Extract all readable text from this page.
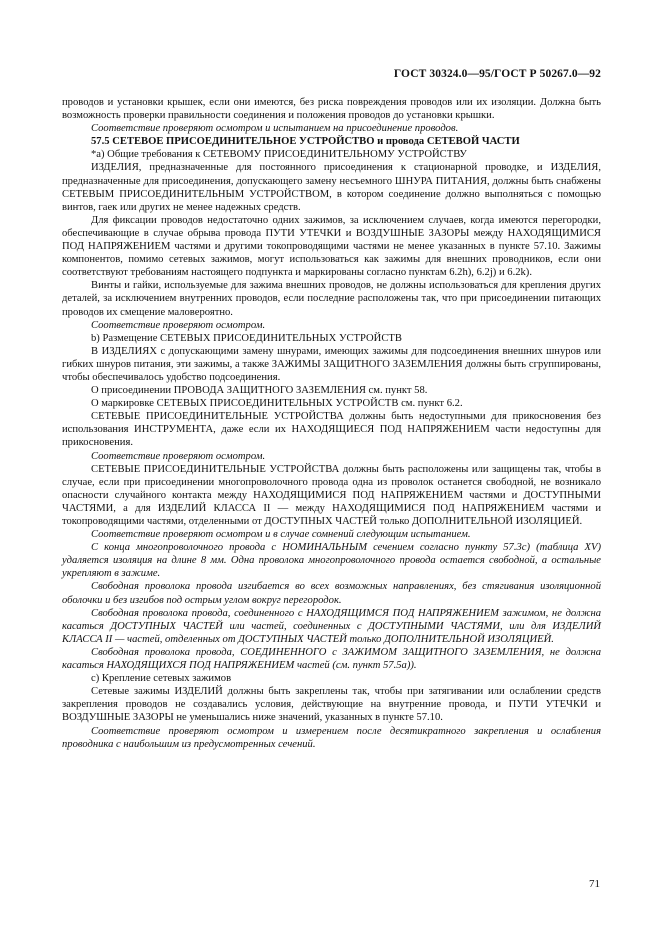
ГОСТ 30324.0—95/ГОСТ Р 50267.0—92

проводов и установки крышек, если они имеются, без риска повреждения проводов или их изоляции. Должна быть возможность проверки правильности соединения и положения проводов до установки крышки.

Соответствие проверяют осмотром и испытанием на присоединение проводов.

57.5 СЕТЕВОЕ ПРИСОЕДИНИТЕЛЬНОЕ УСТРОЙСТВО и провода СЕТЕВОЙ ЧАСТИ

*а) Общие требования к СЕТЕВОМУ ПРИСОЕДИНИТЕЛЬНОМУ УСТРОЙСТВУ

ИЗДЕЛИЯ, предназначенные для постоянного присоединения к стационарной проводке, и ИЗДЕЛИЯ, предназначенные для присоединения, допускающего замену несъемного ШНУРА ПИТАНИЯ, должны быть снабжены СЕТЕВЫМ ПРИСОЕДИНИТЕЛЬНЫМ УСТРОЙСТВОМ, в котором соединение должно выполняться с помощью винтов, гаек или других не менее надежных средств.

Для фиксации проводов недостаточно одних зажимов, за исключением случаев, когда имеются перегородки, обеспечивающие в случае обрыва провода ПУТИ УТЕЧКИ и ВОЗДУШНЫЕ ЗАЗОРЫ между НАХОДЯЩИМИСЯ ПОД НАПРЯЖЕНИЕМ частями и другими токопроводящими частями не менее указанных в пункте 57.10. Зажимы компонентов, помимо сетевых зажимов, могут использоваться как зажимы для внешних проводников, если они соответствуют требованиям настоящего подпункта и маркированы согласно пунктам 6.2h), 6.2j) и 6.2k).

Винты и гайки, используемые для зажима внешних проводов, не должны использоваться для крепления других деталей, за исключением внутренних проводов, если последние расположены так, что при присоединении питающих проводов их смещение маловероятно.

Соответствие проверяют осмотром.

b) Размещение СЕТЕВЫХ ПРИСОЕДИНИТЕЛЬНЫХ УСТРОЙСТВ

В ИЗДЕЛИЯХ с допускающими замену шнурами, имеющих зажимы для подсоединения внешних шнуров или гибких шнуров питания, эти зажимы, а также ЗАЖИМЫ ЗАЩИТНОГО ЗАЗЕМЛЕНИЯ должны быть сгруппированы, чтобы обеспечивалось удобство подсоединения.

О присоединении ПРОВОДА ЗАЩИТНОГО ЗАЗЕМЛЕНИЯ см. пункт 58.

О маркировке СЕТЕВЫХ ПРИСОЕДИНИТЕЛЬНЫХ УСТРОЙСТВ см. пункт 6.2.

СЕТЕВЫЕ ПРИСОЕДИНИТЕЛЬНЫЕ УСТРОЙСТВА должны быть недоступными для прикосновения без использования ИНСТРУМЕНТА, даже если их НАХОДЯЩИЕСЯ ПОД НАПРЯЖЕНИЕМ части недоступны для прикосновения.

Соответствие проверяют осмотром.

СЕТЕВЫЕ ПРИСОЕДИНИТЕЛЬНЫЕ УСТРОЙСТВА должны быть расположены или защищены так, чтобы в случае, если при присоединении многопроволочного провода одна из проволок останется свободной, не возникало опасности случайного контакта между НАХОДЯЩИМИСЯ ПОД НАПРЯЖЕНИЕМ частями и ДОСТУПНЫМИ ЧАСТЯМИ, а для ИЗДЕЛИЙ КЛАССА II — между НАХОДЯЩИМИСЯ ПОД НАПРЯЖЕНИЕМ частями и токопроводящими частями, отделенными от ДОСТУПНЫХ ЧАСТЕЙ только ДОПОЛНИТЕЛЬНОЙ ИЗОЛЯЦИЕЙ.

Соответствие проверяют осмотром и в случае сомнений следующим испытанием.

С конца многопроволочного провода с НОМИНАЛЬНЫМ сечением согласно пункту 57.3с) (таблица XV) удаляется изоляция на длине 8 мм. Одна проволока многопроволочного провода остается свободной, а остальные укрепляют в зажиме.

Свободная проволока провода изгибается во всех возможных направлениях, без стягивания изоляционной оболочки и без изгибов под острым углом вокруг перегородок.

Свободная проволока провода, соединенного с НАХОДЯЩИМСЯ ПОД НАПРЯЖЕНИЕМ зажимом, не должна касаться ДОСТУПНЫХ ЧАСТЕЙ или частей, соединенных с ДОСТУПНЫМИ ЧАСТЯМИ, или для ИЗДЕЛИЙ КЛАССА II — частей, отделенных от ДОСТУПНЫХ ЧАСТЕЙ только ДОПОЛНИТЕЛЬНОЙ ИЗОЛЯЦИЕЙ.

Свободная проволока провода, СОЕДИНЕННОГО с ЗАЖИМОМ ЗАЩИТНОГО ЗАЗЕМЛЕНИЯ, не должна касаться НАХОДЯЩИХСЯ ПОД НАПРЯЖЕНИЕМ частей (см. пункт 57.5а)).

с) Крепление сетевых зажимов

Сетевые зажимы ИЗДЕЛИЙ должны быть закреплены так, чтобы при затягивании или ослаблении средств закрепления проводов не создавались условия, действующие на внутренние провода, и ПУТИ УТЕЧКИ и ВОЗДУШНЫЕ ЗАЗОРЫ не уменьшались ниже значений, указанных в пункте 57.10.

Соответствие проверяют осмотром и измерением после десятикратного закрепления и ослабления проводника с наибольшим из предусмотренных сечений.

71
